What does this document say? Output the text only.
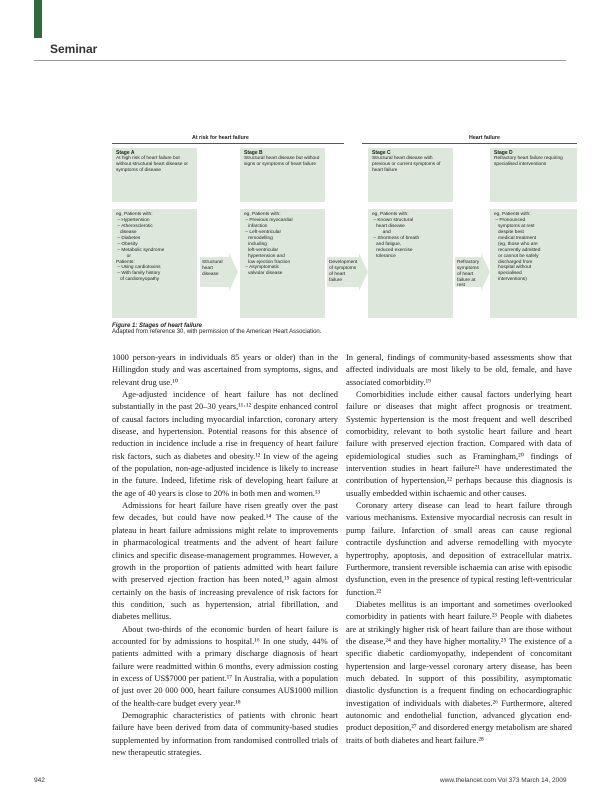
Seminar
At risk for heart failure	Heart failure
Stage A
At high risk of heart failure but without structural heart disease or symptoms of disease
Stage B
Structural heart disease but without signs or symptoms of heart failure
Stage C
Structural heart disease with previous or current symptoms of heart failure
Stage D
Refractory heart failure requiring specialised interventions
eg, Patients with:
– Hypertension
– Atherosclerotic
disease
– Diabetes
– Obesity
– Metabolic syndrome
or
Patients:
– Using cardiotoxins
– With family history
of cardiomyopathy
eg, Patients with:
– Previous myocardial
infarction
– Left-ventricular
remodelling
including
left-ventricular
hypertension and
low ejection fraction
– Asymptomatic
valvular disease
eg, Patients with:
– Known structural
heart disease
and
– Shortness of breath
and fatigue,
reduced exercise
tolerance
eg, Patients with:
– Pronounced
symptoms at rest
despite best
medical treatment
(eg, those who are
recurrently admitted
or cannot be safely
discharged from
hospital without
specialised
interventions)
Structural heart disease
Development of symptoms of heart failure
Refractory symptoms of heart failure at rest
Figure 1: Stages of heart failure
Adapted from reference 30, with permission of the American Heart Association.

1000 person-years in individuals 85 years or older) than in the Hillingdon study and was ascertained from symptoms, signs, and relevant drug use.¹⁰

Age-adjusted incidence of heart failure has not declined substantially in the past 20–30 years,¹¹·¹² despite enhanced control of causal factors including myocardial infarction, coronary artery disease, and hypertension. Potential reasons for this absence of reduction in incidence include a rise in frequency of heart failure risk factors, such as diabetes and obesity.¹² In view of the ageing of the population, non-age-adjusted incidence is likely to increase in the future. Indeed, lifetime risk of developing heart failure at the age of 40 years is close to 20% in both men and women.¹³

Admissions for heart failure have risen greatly over the past few decades, but could have now peaked.¹⁴ The cause of the plateau in heart failure admissions might relate to improvements in pharmacological treatments and the advent of heart failure clinics and specific disease-management programmes. However, a growth in the proportion of patients admitted with heart failure with preserved ejection fraction has been noted,¹⁵ again almost certainly on the basis of increasing prevalence of risk factors for this condition, such as hypertension, atrial fibrillation, and diabetes mellitus.

About two-thirds of the economic burden of heart failure is accounted for by admissions to hospital.¹⁶ In one study, 44% of patients admitted with a primary discharge diagnosis of heart failure were readmitted within 6 months, every admission costing in excess of US$7000 per patient.¹⁷ In Australia, with a population of just over 20 000 000, heart failure consumes AU$1000 million of the health-care budget every year.¹⁸

Demographic characteristics of patients with chronic heart failure have been derived from data of community-based studies supplemented by information from randomised controlled trials of new therapeutic strategies.

In general, findings of community-based assessments show that affected individuals are most likely to be old, female, and have associated comorbidity.¹⁹

Comorbidities include either causal factors underlying heart failure or diseases that might affect prognosis or treatment. Systemic hypertension is the most frequent and well described comorbidity, relevant to both systolic heart failure and heart failure with preserved ejection fraction. Compared with data of epidemiological studies such as Framingham,²⁰ findings of intervention studies in heart failure²¹ have underestimated the contribution of hypertension,²² perhaps because this diagnosis is usually embedded within ischaemic and other causes.

Coronary artery disease can lead to heart failure through various mechanisms. Extensive myocardial necrosis can result in pump failure. Infarction of small areas can cause regional contractile dysfunction and adverse remodelling with myocyte hypertrophy, apoptosis, and deposition of extracellular matrix. Furthermore, transient reversible ischaemia can arise with episodic dysfunction, even in the presence of typical resting left-ventricular function.²²

Diabetes mellitus is an important and sometimes overlooked comorbidity in patients with heart failure.²³ People with diabetes are at strikingly higher risk of heart failure than are those without the disease,²⁴ and they have higher mortality.²⁵ The existence of a specific diabetic cardiomyopathy, independent of concomitant hypertension and large-vessel coronary artery disease, has been much debated. In support of this possibility, asymptomatic diastolic dysfunction is a frequent finding on echocardiographic investigation of individuals with diabetes.²⁶ Furthermore, altered autonomic and endothelial function, advanced glycation end-product deposition,²⁷ and disordered energy metabolism are shared traits of both diabetes and heart failure.²⁸

942	www.thelancet.com Vol 373 March 14, 2009
